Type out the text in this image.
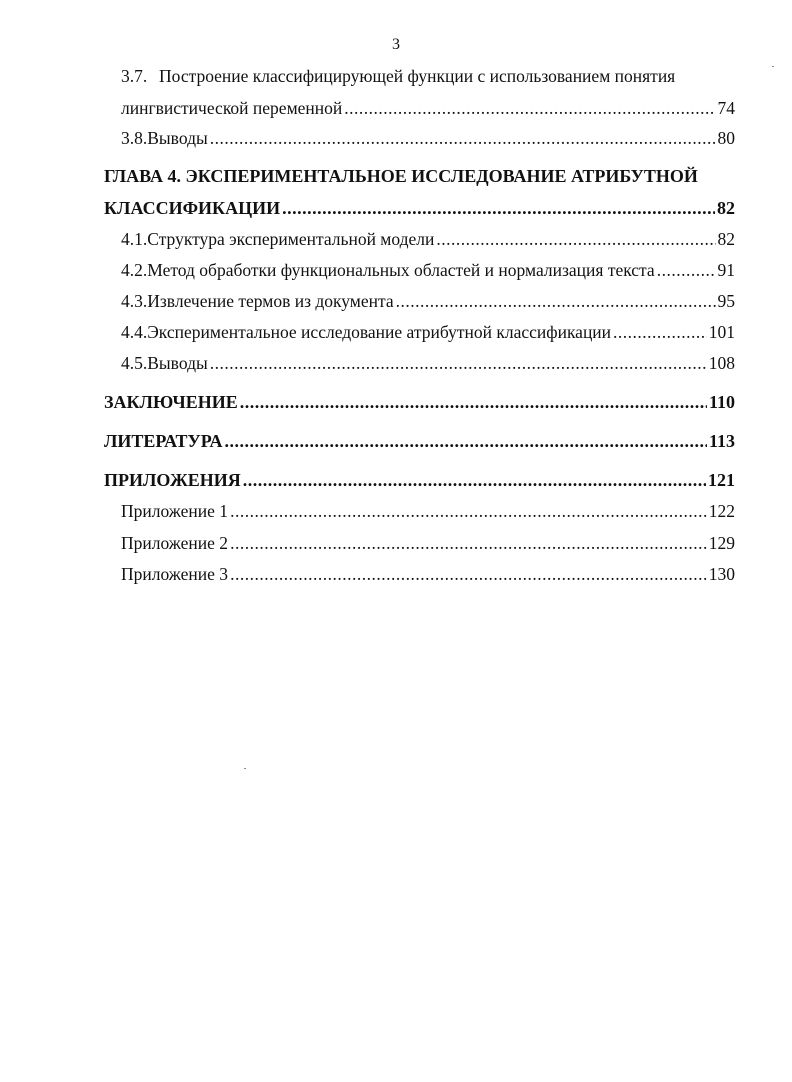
3
3.7. Построение классифицирующей функции с использованием понятия
лингвистической переменной .....	74
3.8. Выводы .....	80
ГЛАВА 4. ЭКСПЕРИМЕНТАЛЬНОЕ ИССЛЕДОВАНИЕ АТРИБУТНОЙ
КЛАССИФИКАЦИИ .....	82
4.1. Структура экспериментальной модели .....	82
4.2. Метод обработки функциональных областей и нормализация текста .....	91
4.3. Извлечение термов из документа .....	95
4.4. Экспериментальное исследование атрибутной классификации .....	101
4.5. Выводы .....	108
ЗАКЛЮЧЕНИЕ .....	110
ЛИТЕРАТУРА .....	113
ПРИЛОЖЕНИЯ .....	121
Приложение 1 .....	122
Приложение 2 .....	129
Приложение 3 .....	130
